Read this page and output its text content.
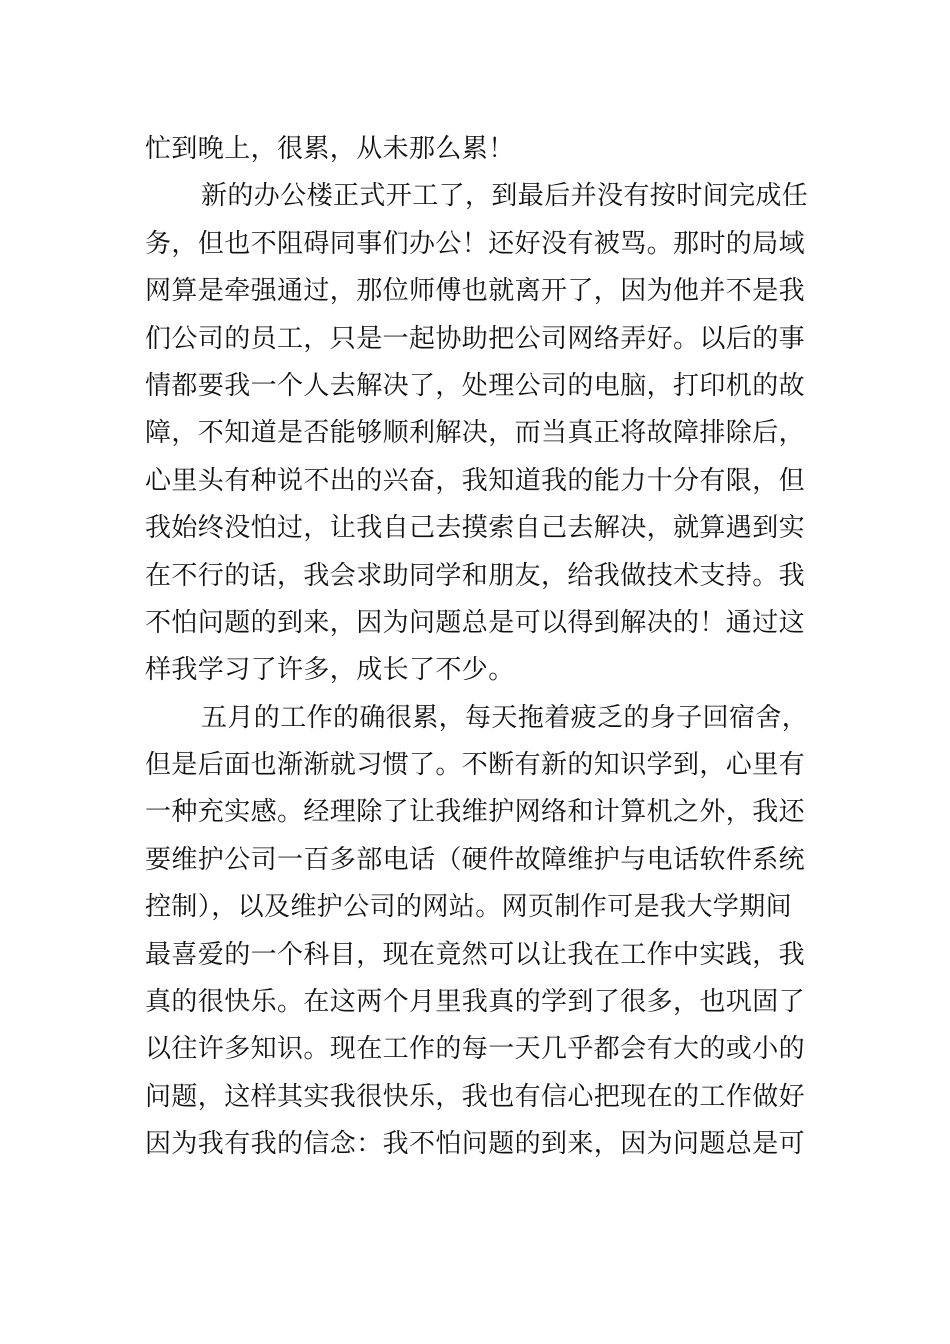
忙到晚上，很累，从未那么累！
新的办公楼正式开工了，到最后并没有按时间完成任
务，但也不阻碍同事们办公！还好没有被骂。那时的局域
网算是牵强通过，那位师傅也就离开了，因为他并不是我
们公司的员工，只是一起协助把公司网络弄好。以后的事
情都要我一个人去解决了，处理公司的电脑，打印机的故
障，不知道是否能够顺利解决，而当真正将故障排除后，
心里头有种说不出的兴奋，我知道我的能力十分有限，但
我始终没怕过，让我自己去摸索自己去解决，就算遇到实
在不行的话，我会求助同学和朋友，给我做技术支持。我
不怕问题的到来，因为问题总是可以得到解决的！通过这
样我学习了许多，成长了不少。
五月的工作的确很累，每天拖着疲乏的身子回宿舍，
但是后面也渐渐就习惯了。不断有新的知识学到，心里有
一种充实感。经理除了让我维护网络和计算机之外，我还
要维护公司一百多部电话（硬件故障维护与电话软件系统
控制），以及维护公司的网站。网页制作可是我大学期间
最喜爱的一个科目，现在竟然可以让我在工作中实践，我
真的很快乐。在这两个月里我真的学到了很多，也巩固了
以往许多知识。现在工作的每一天几乎都会有大的或小的
问题，这样其实我很快乐，我也有信心把现在的工作做好
因为我有我的信念：我不怕问题的到来，因为问题总是可
